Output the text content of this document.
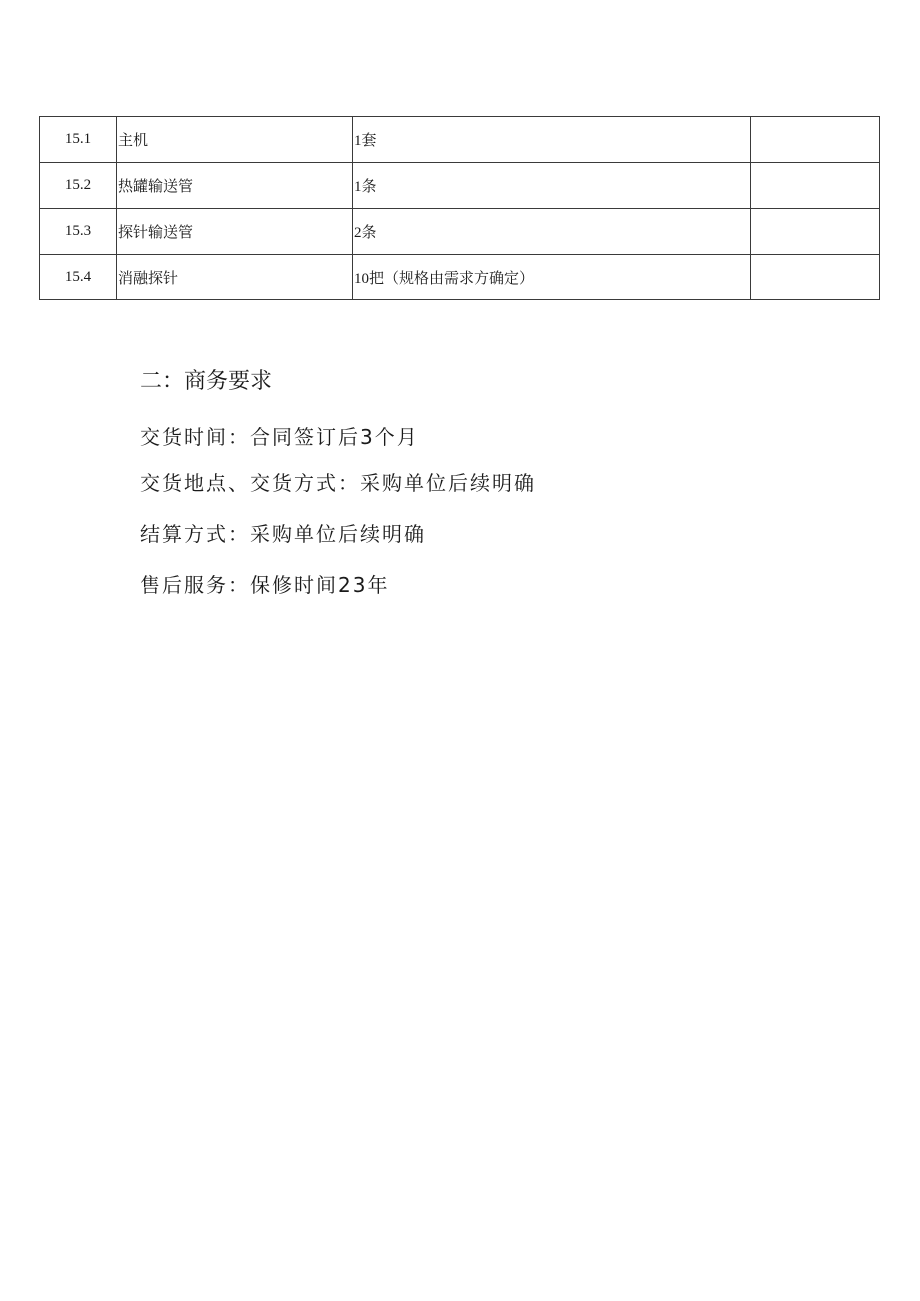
15.1	主机	1套	
15.2	热罐输送管	1条	
15.3	探针输送管	2条	
15.4	消融探针	10把（规格由需求方确定）	
二：商务要求
交货时间：合同签订后3个月
交货地点、交货方式：采购单位后续明确
结算方式：采购单位后续明确
售后服务：保修时间23年
